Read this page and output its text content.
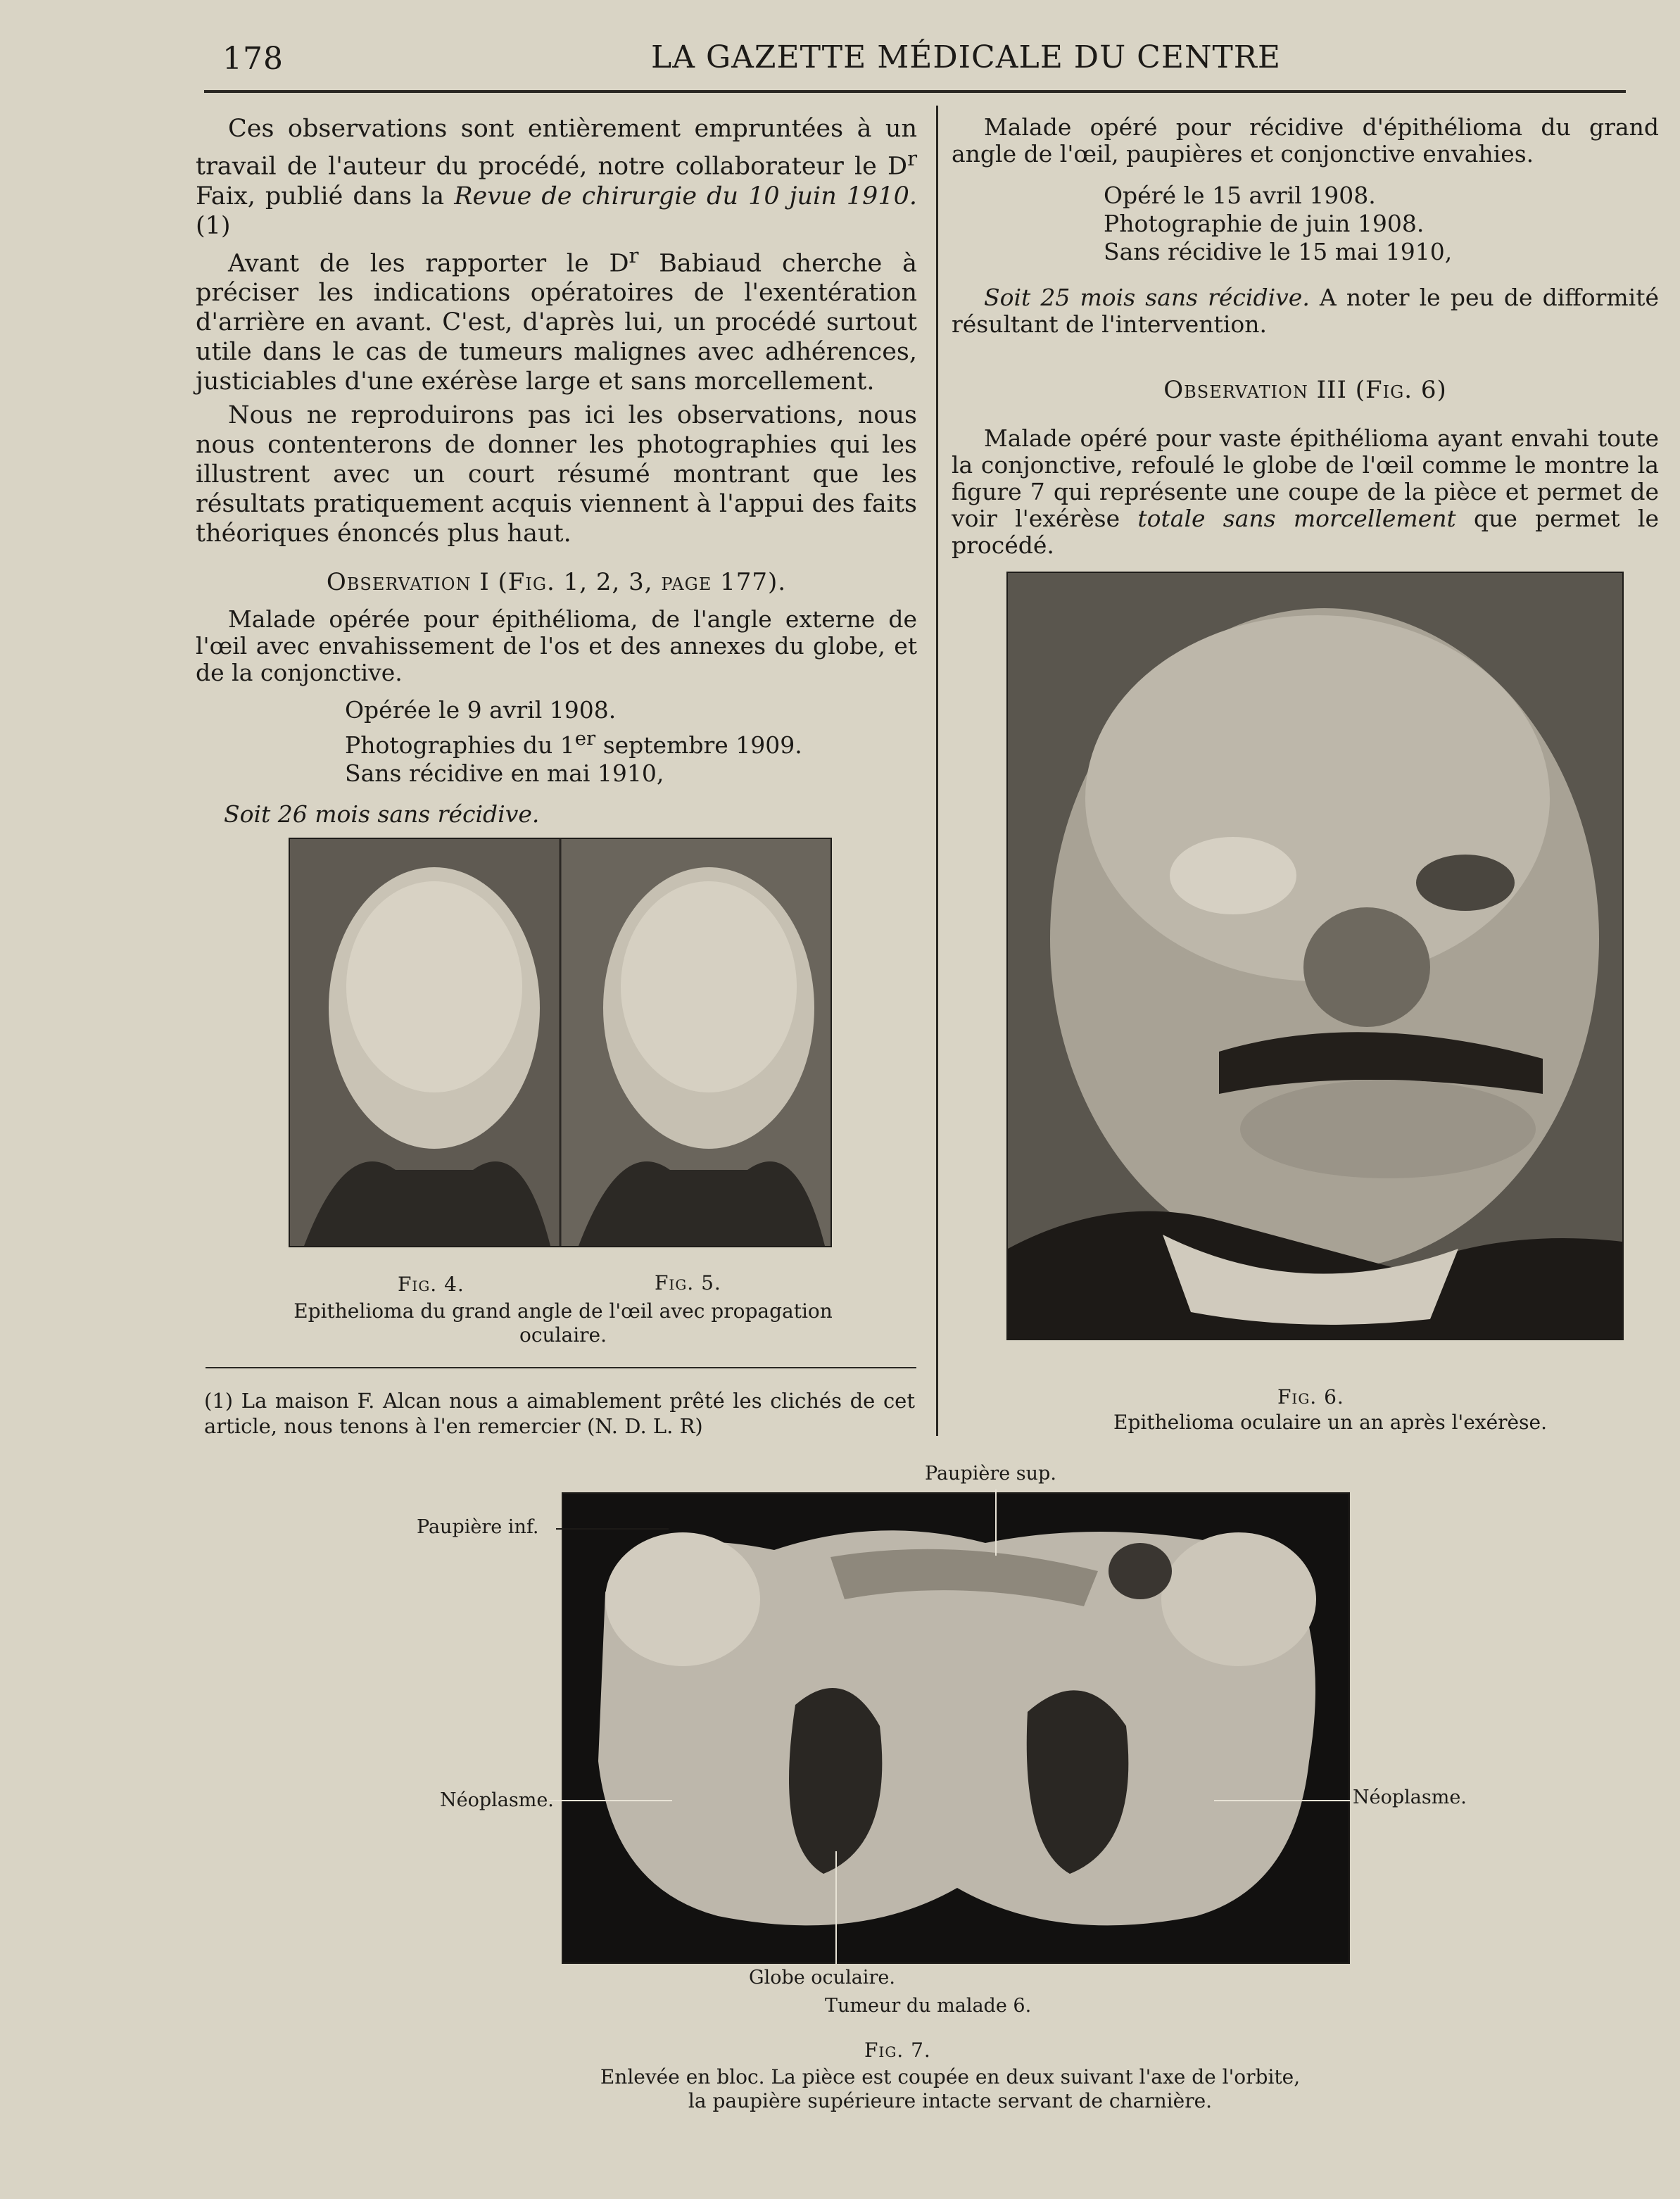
178	LA GAZETTE MÉDICALE DU CENTRE

Ces observations sont entièrement empruntées à un travail de l'auteur du procédé, notre collaborateur le $D^r$ Faix, publié dans la Revue de chirurgie du 10 juin 1910. (1)

Avant de les rapporter le $D^r$ Babiaud cherche à préciser les indications opératoires de l'exentération d'arrière en avant. C'est, d'après lui, un procédé surtout utile dans le cas de tumeurs malignes avec adhérences, justiciables d'une exérèse large et sans morcellement.

Nous ne reproduirons pas ici les observations, nous nous contenterons de donner les photographies qui les illustrent avec un court résumé montrant que les résultats pratiquement acquis viennent à l'appui des faits théoriques énoncés plus haut.

Observation I (Fig. 1, 2, 3, page 177).

Malade opérée pour épithélioma, de l'angle externe de l'œil avec envahissement de l'os et des annexes du globe, et de la conjonctive.

Opérée le 9 avril 1908.
Photographies du 1er septembre 1909.
Sans récidive en mai 1910,
Soit 26 mois sans récidive.
Fig. 4.	Fig. 5.
Epithelioma du grand angle de l'œil avec propagation oculaire.
(1) La maison F. Alcan nous a aimablement prêté les clichés de cet article, nous tenons à l'en remercier (N. D. L. R)

Malade opéré pour récidive d'épithélioma du grand angle de l'œil, paupières et conjonctive envahies.

Opéré le 15 avril 1908.
Photographie de juin 1908.
Sans récidive le 15 mai 1910,

Soit 25 mois sans récidive. A noter le peu de difformité résultant de l'intervention.

Observation III (Fig. 6)

Malade opéré pour vaste épithélioma ayant envahi toute la conjonctive, refoulé le globe de l'œil comme le montre la figure 7 qui représente une coupe de la pièce et permet de voir l'exérèse totale sans morcellement que permet le procédé.

Fig. 6.
Epithelioma oculaire un an après l'exérèse.
Paupière sup.
Paupière inf.
Néoplasme.	Néoplasme.
Globe oculaire.
Tumeur du malade 6.
Fig. 7.
Enlevée en bloc. La pièce est coupée en deux suivant l'axe de l'orbite,
la paupière supérieure intacte servant de charnière.
